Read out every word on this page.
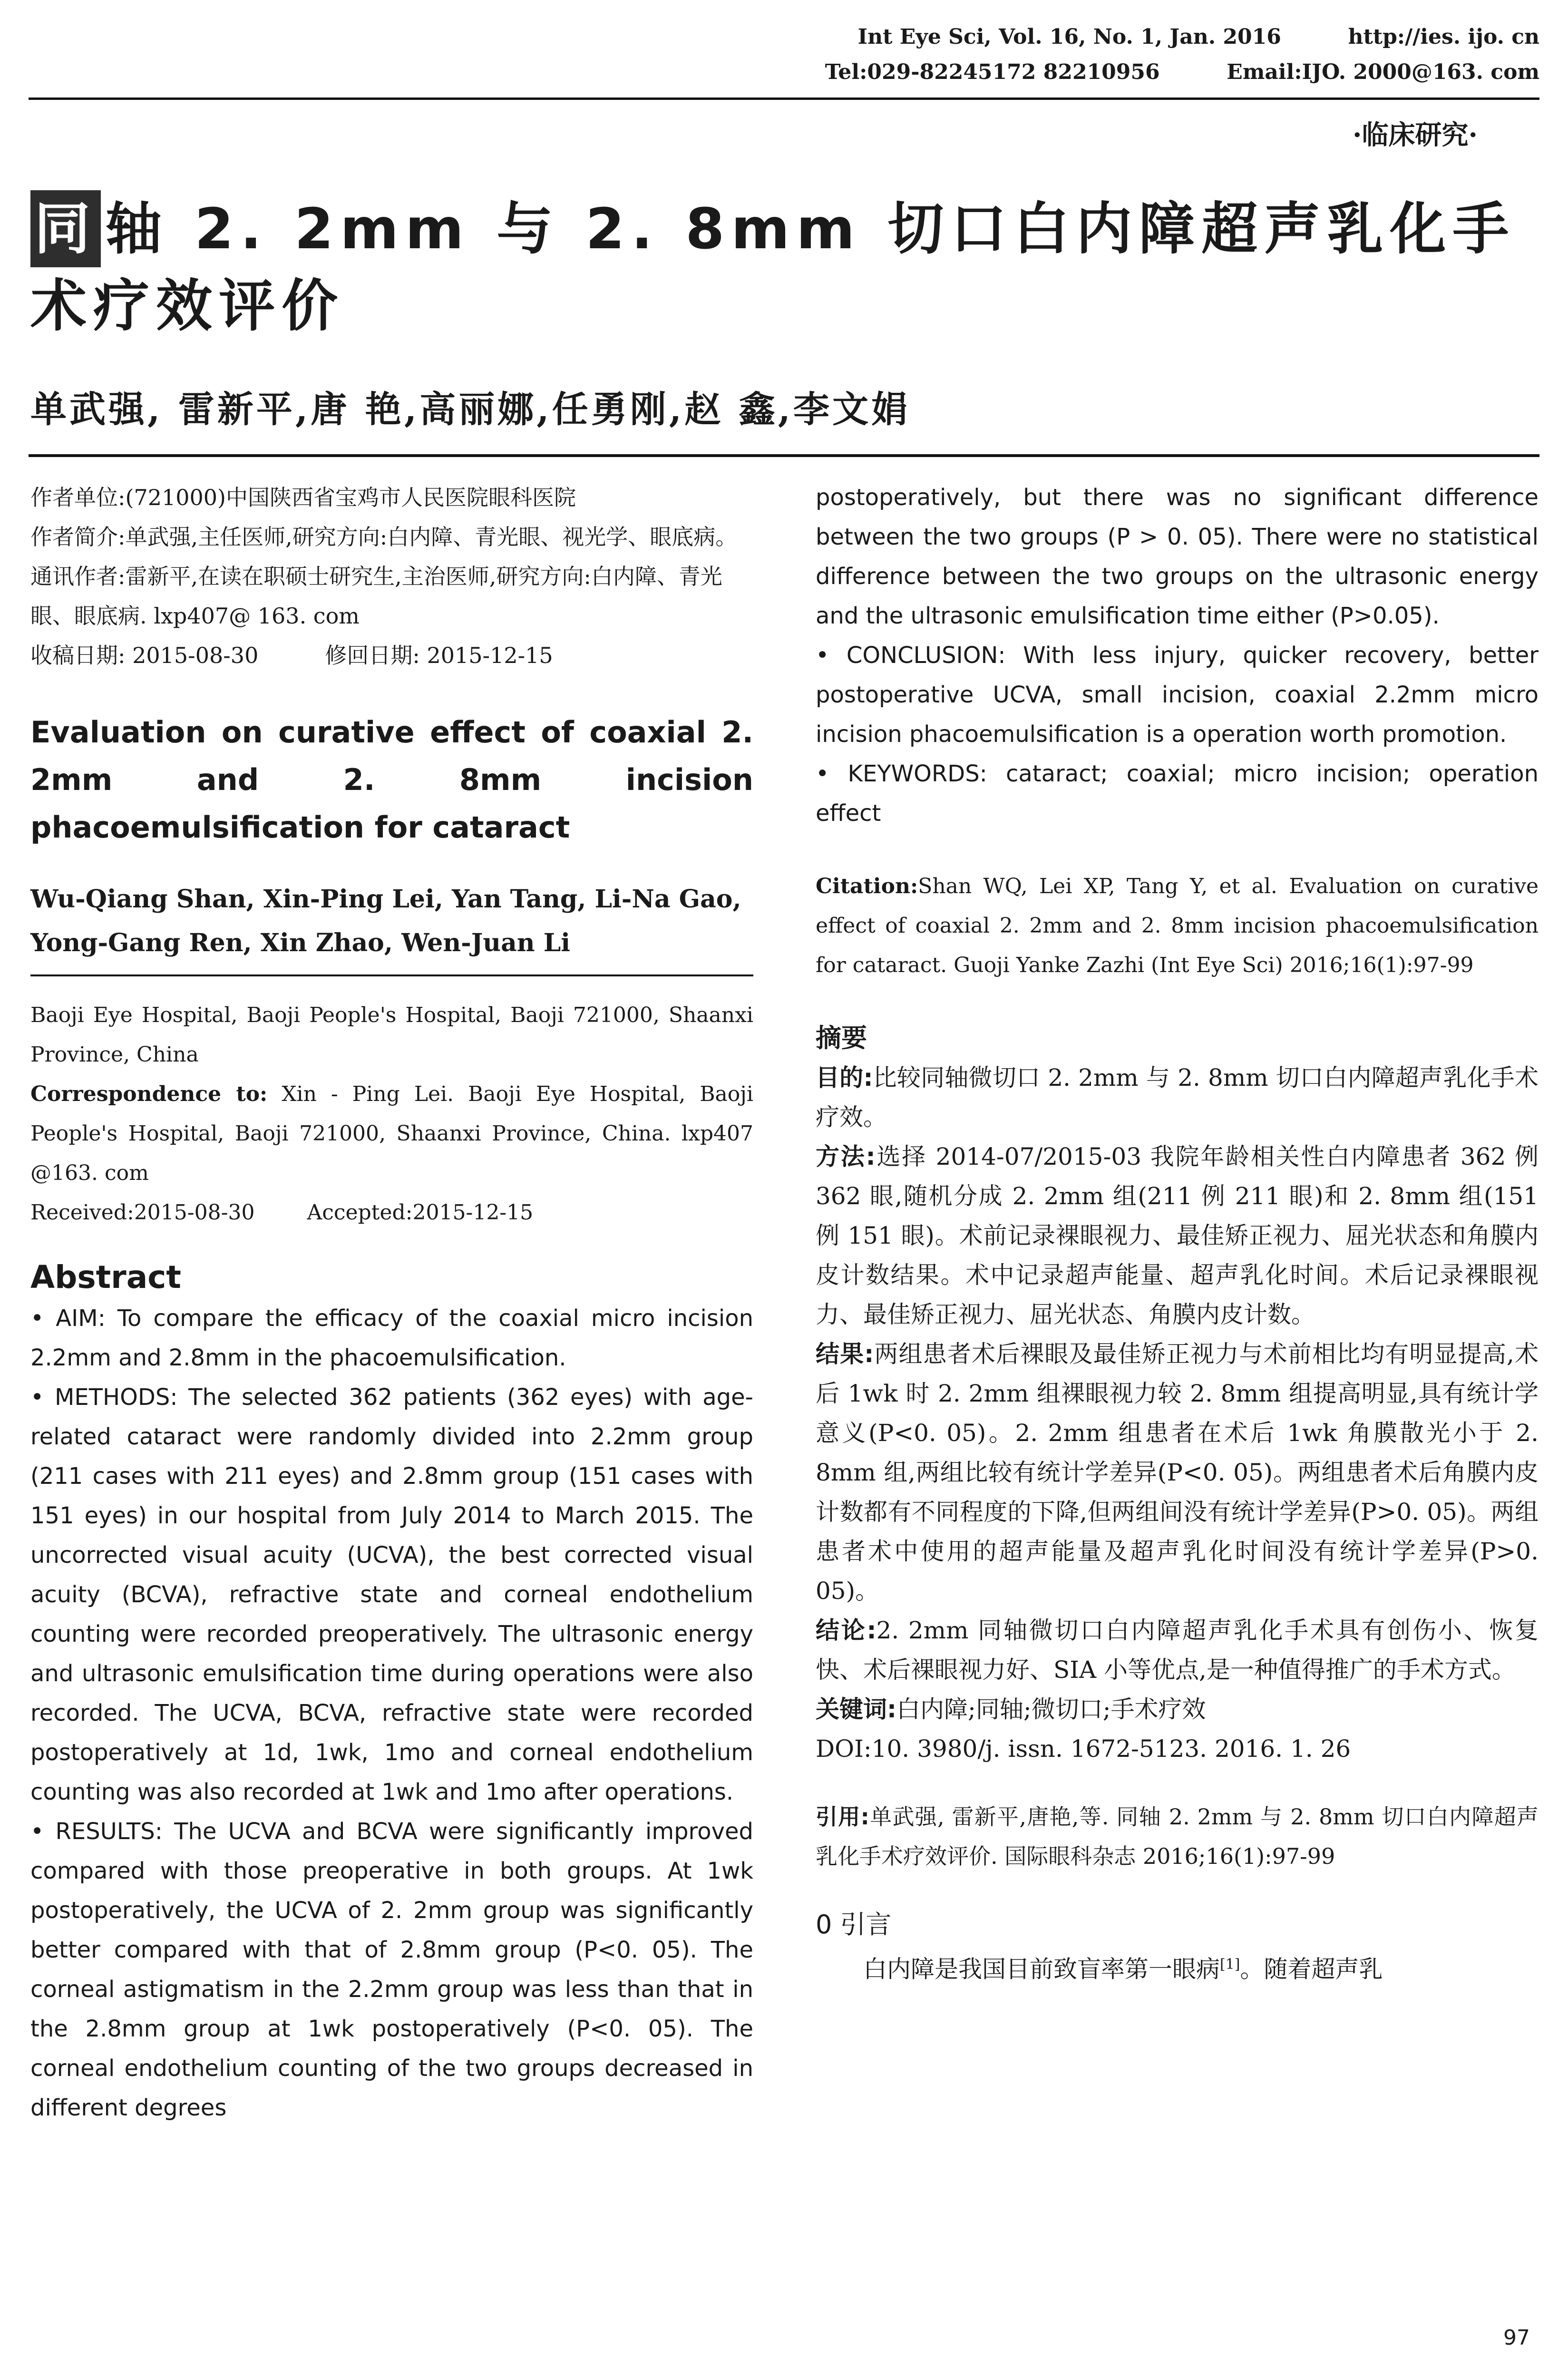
Int Eye Sci, Vol. 16, No. 1, Jan. 2016	http://ies. ijo. cn
Tel:029-82245172 82210956	Email:IJO. 2000@163. com
·临床研究·
同 轴 2. 2mm 与 2. 8mm 切口白内障超声乳化手术疗效评价
单武强, 雷新平,唐 艳,高丽娜,任勇刚,赵 鑫,李文娟

作者单位:(721000)中国陕西省宝鸡市人民医院眼科医院

作者简介:单武强,主任医师,研究方向:白内障、青光眼、视光学、眼底病。

通讯作者:雷新平,在读在职硕士研究生,主治医师,研究方向:白内障、青光眼、眼底病. lxp407@ 163. com

收稿日期: 2015-08-30	修回日期: 2015-12-15

Evaluation on curative effect of coaxial 2. 2mm and 2. 8mm incision phacoemulsification for cataract

Wu-Qiang Shan, Xin-Ping Lei, Yan Tang, Li-Na Gao, Yong-Gang Ren, Xin Zhao, Wen-Juan Li

Baoji Eye Hospital, Baoji People's Hospital, Baoji 721000, Shaanxi Province, China

Correspondence to: Xin - Ping Lei. Baoji Eye Hospital, Baoji People's Hospital, Baoji 721000, Shaanxi Province, China. lxp407 @163. com

Received:2015-08-30	Accepted:2015-12-15

Abstract

• AIM: To compare the efficacy of the coaxial micro incision 2.2mm and 2.8mm in the phacoemulsification.

• METHODS: The selected 362 patients (362 eyes) with age-related cataract were randomly divided into 2.2mm group (211 cases with 211 eyes) and 2.8mm group (151 cases with 151 eyes) in our hospital from July 2014 to March 2015. The uncorrected visual acuity (UCVA), the best corrected visual acuity (BCVA), refractive state and corneal endothelium counting were recorded preoperatively. The ultrasonic energy and ultrasonic emulsification time during operations were also recorded. The UCVA, BCVA, refractive state were recorded postoperatively at 1d, 1wk, 1mo and corneal endothelium counting was also recorded at 1wk and 1mo after operations.

• RESULTS: The UCVA and BCVA were significantly improved compared with those preoperative in both groups. At 1wk postoperatively, the UCVA of 2. 2mm group was significantly better compared with that of 2.8mm group (P<0. 05). The corneal astigmatism in the 2.2mm group was less than that in the 2.8mm group at 1wk postoperatively (P<0. 05). The corneal endothelium counting of the two groups decreased in different degrees

postoperatively, but there was no significant difference between the two groups (P > 0. 05). There were no statistical difference between the two groups on the ultrasonic energy and the ultrasonic emulsification time either (P>0.05).

• CONCLUSION: With less injury, quicker recovery, better postoperative UCVA, small incision, coaxial 2.2mm micro incision phacoemulsification is a operation worth promotion.

• KEYWORDS: cataract; coaxial; micro incision; operation effect

Citation:Shan WQ, Lei XP, Tang Y, et al. Evaluation on curative effect of coaxial 2. 2mm and 2. 8mm incision phacoemulsification for cataract. Guoji Yanke Zazhi (Int Eye Sci) 2016;16(1):97-99

摘要

目的:比较同轴微切口 2. 2mm 与 2. 8mm 切口白内障超声乳化手术疗效。

方法:选择 2014-07/2015-03 我院年龄相关性白内障患者 362 例 362 眼,随机分成 2. 2mm 组(211 例 211 眼)和 2. 8mm 组(151 例 151 眼)。术前记录裸眼视力、最佳矫正视力、屈光状态和角膜内皮计数结果。术中记录超声能量、超声乳化时间。术后记录裸眼视力、最佳矫正视力、屈光状态、角膜内皮计数。

结果:两组患者术后裸眼及最佳矫正视力与术前相比均有明显提高,术后 1wk 时 2. 2mm 组裸眼视力较 2. 8mm 组提高明显,具有统计学意义(P<0. 05)。2. 2mm 组患者在术后 1wk 角膜散光小于 2. 8mm 组,两组比较有统计学差异(P<0. 05)。两组患者术后角膜内皮计数都有不同程度的下降,但两组间没有统计学差异(P>0. 05)。两组患者术中使用的超声能量及超声乳化时间没有统计学差异(P>0. 05)。

结论:2. 2mm 同轴微切口白内障超声乳化手术具有创伤小、恢复快、术后裸眼视力好、SIA 小等优点,是一种值得推广的手术方式。

关键词:白内障;同轴;微切口;手术疗效

DOI:10. 3980/j. issn. 1672-5123. 2016. 1. 26

引用:单武强, 雷新平,唐艳,等. 同轴 2. 2mm 与 2. 8mm 切口白内障超声乳化手术疗效评价. 国际眼科杂志 2016;16(1):97-99

0 引言

白内障是我国目前致盲率第一眼病[1]。随着超声乳

97
